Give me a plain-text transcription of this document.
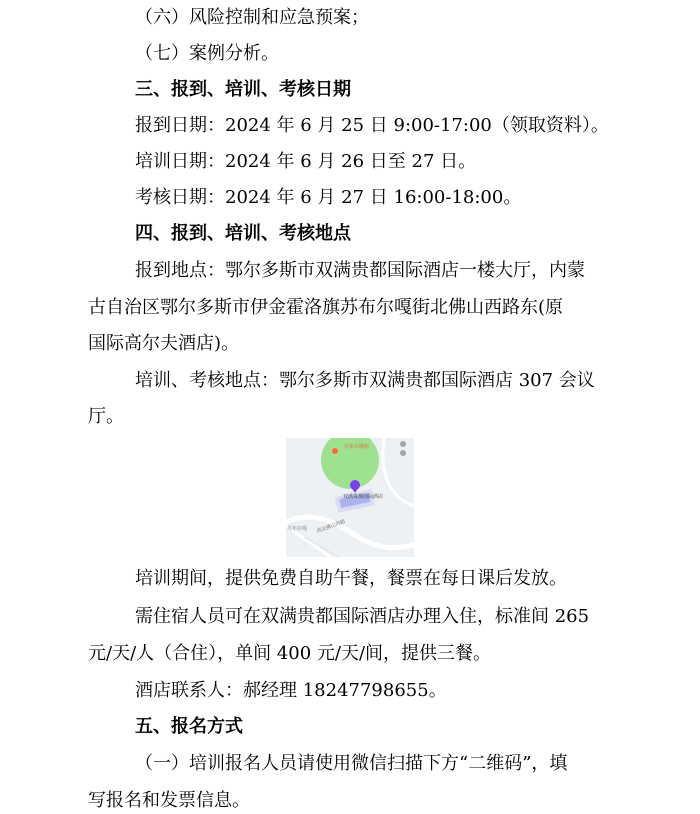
（六）风险控制和应急预案；
（七）案例分析。
三、报到、培训、考核日期
报到日期：2024 年 6 月 25 日 9:00-17:00（领取资料）。
培训日期：2024 年 6 月 26 日至 27 日。
考核日期：2024 年 6 月 27 日 16:00-18:00。
四、报到、培训、考核地点
报到地点：鄂尔多斯市双满贵都国际酒店一楼大厅，内蒙
古自治区鄂尔多斯市伊金霍洛旗苏布尔嘎街北佛山西路东(原
国际高尔夫酒店)。
培训、考核地点：鄂尔多斯市双满贵都国际酒店 307 会议
厅。
苏布尔嘎街
双满贵都国际酒店
西北佛山西路
苏布尔嘎
培训期间，提供免费自助午餐，餐票在每日课后发放。
需住宿人员可在双满贵都国际酒店办理入住，标准间 265
元/天/人（合住），单间 400 元/天/间，提供三餐。
酒店联系人：郝经理 18247798655。
五、报名方式
（一）培训报名人员请使用微信扫描下方“二维码”，填
写报名和发票信息。
